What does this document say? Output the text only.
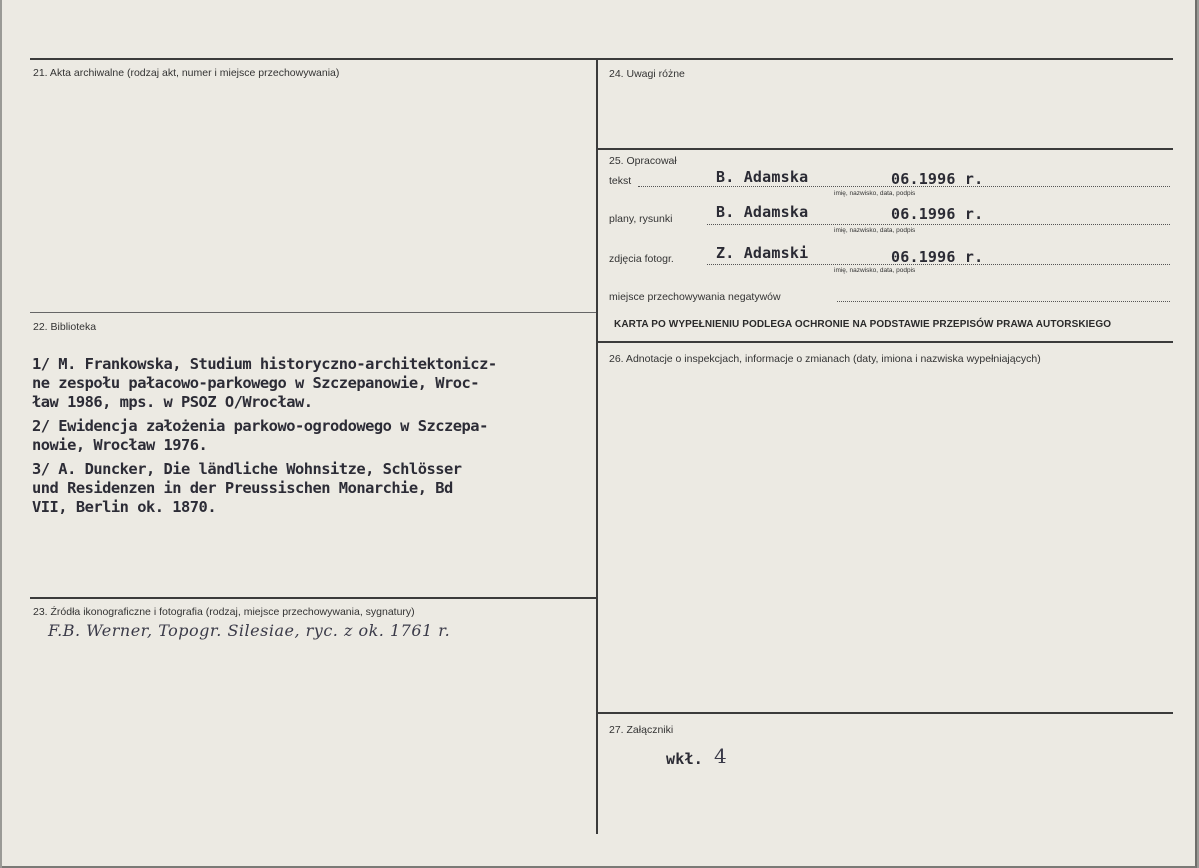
21. Akta archiwalne (rodzaj akt, numer i miejsce przechowywania)
22. Biblioteka
1/ M. Frankowska, Studium historyczno-architektonicz-
ne zespołu pałacowo-parkowego w Szczepanowie, Wroc-
ław 1986, mps. w PSOZ O/Wrocław.
2/ Ewidencja założenia parkowo-ogrodowego w Szczepa-
nowie, Wrocław 1976.
3/ A. Duncker, Die ländliche Wohnsitze, Schlösser
und Residenzen in der Preussischen Monarchie, Bd
VII, Berlin ok. 1870.
23. Źródła ikonograficzne i fotografia (rodzaj, miejsce przechowywania, sygnatury)
F.B. Werner, Topogr. Silesiae, ryc. z ok. 1761 r.
24. Uwagi różne
25. Opracował
tekst	B. Adamska	06.1996 r.
imię, nazwisko, data, podpis
plany, rysunki	B. Adamska	06.1996 r.
imię, nazwisko, data, podpis
zdjęcia fotogr.	Z. Adamski	06.1996 r.
imię, nazwisko, data, podpis
miejsce przechowywania negatywów
KARTA PO WYPEŁNIENIU PODLEGA OCHRONIE NA PODSTAWIE PRZEPISÓW PRAWA AUTORSKIEGO
26. Adnotacje o inspekcjach, informacje o zmianach (daty, imiona i nazwiska wypełniających)
27. Załączniki
wkł. 4
